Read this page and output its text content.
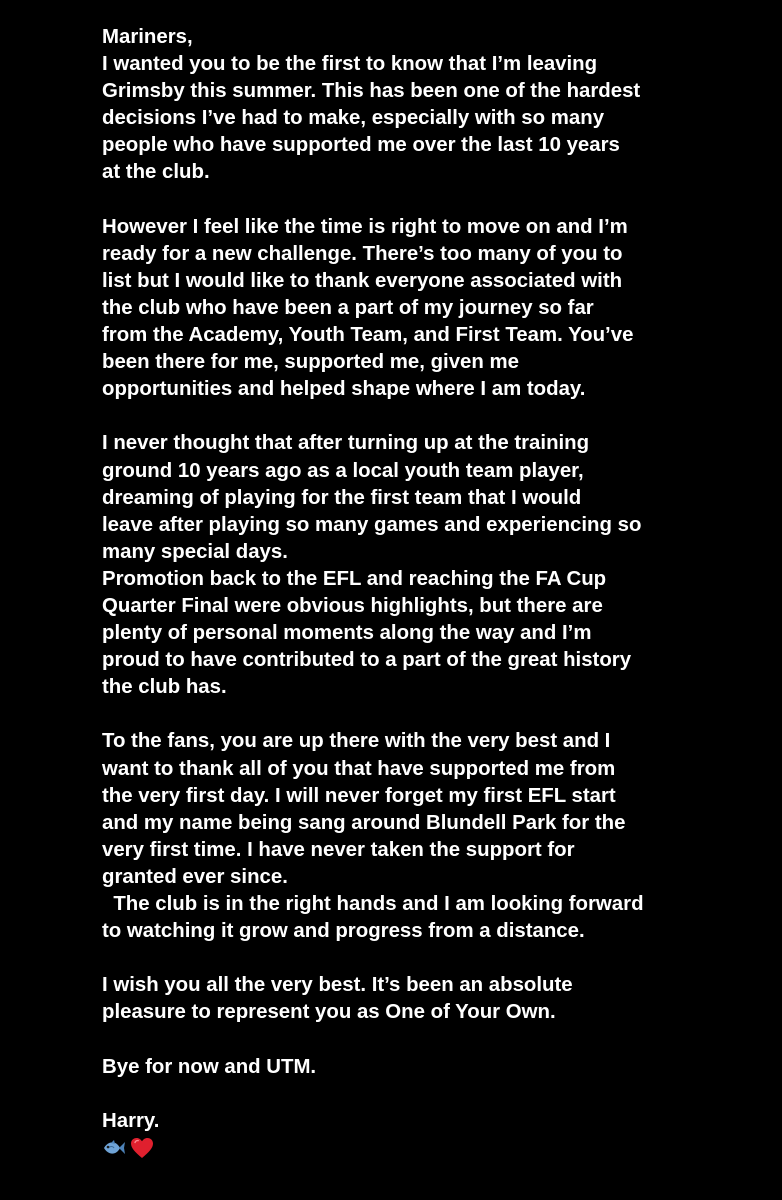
Mariners,
I wanted you to be the first to know that I’m leaving
Grimsby this summer. This has been one of the hardest
decisions I’ve had to make, especially with so many
people who have supported me over the last 10 years
at the club.
However I feel like the time is right to move on and I’m
ready for a new challenge. There’s too many of you to
list but I would like to thank everyone associated with
the club who have been a part of my journey so far
from the Academy, Youth Team, and First Team. You’ve
been there for me, supported me, given me
opportunities and helped shape where I am today.
I never thought that after turning up at the training
ground 10 years ago as a local youth team player,
dreaming of playing for the first team that I would
leave after playing so many games and experiencing so
many special days.
Promotion back to the EFL and reaching the FA Cup
Quarter Final were obvious highlights, but there are
plenty of personal moments along the way and I’m
proud to have contributed to a part of the great history
the club has.
To the fans, you are up there with the very best and I
want to thank all of you that have supported me from
the very first day. I will never forget my first EFL start
and my name being sang around Blundell Park for the
very first time. I have never taken the support for
granted ever since.
The club is in the right hands and I am looking forward
to watching it grow and progress from a distance.
I wish you all the very best. It’s been an absolute
pleasure to represent you as One of Your Own.
Bye for now and UTM.
Harry.
